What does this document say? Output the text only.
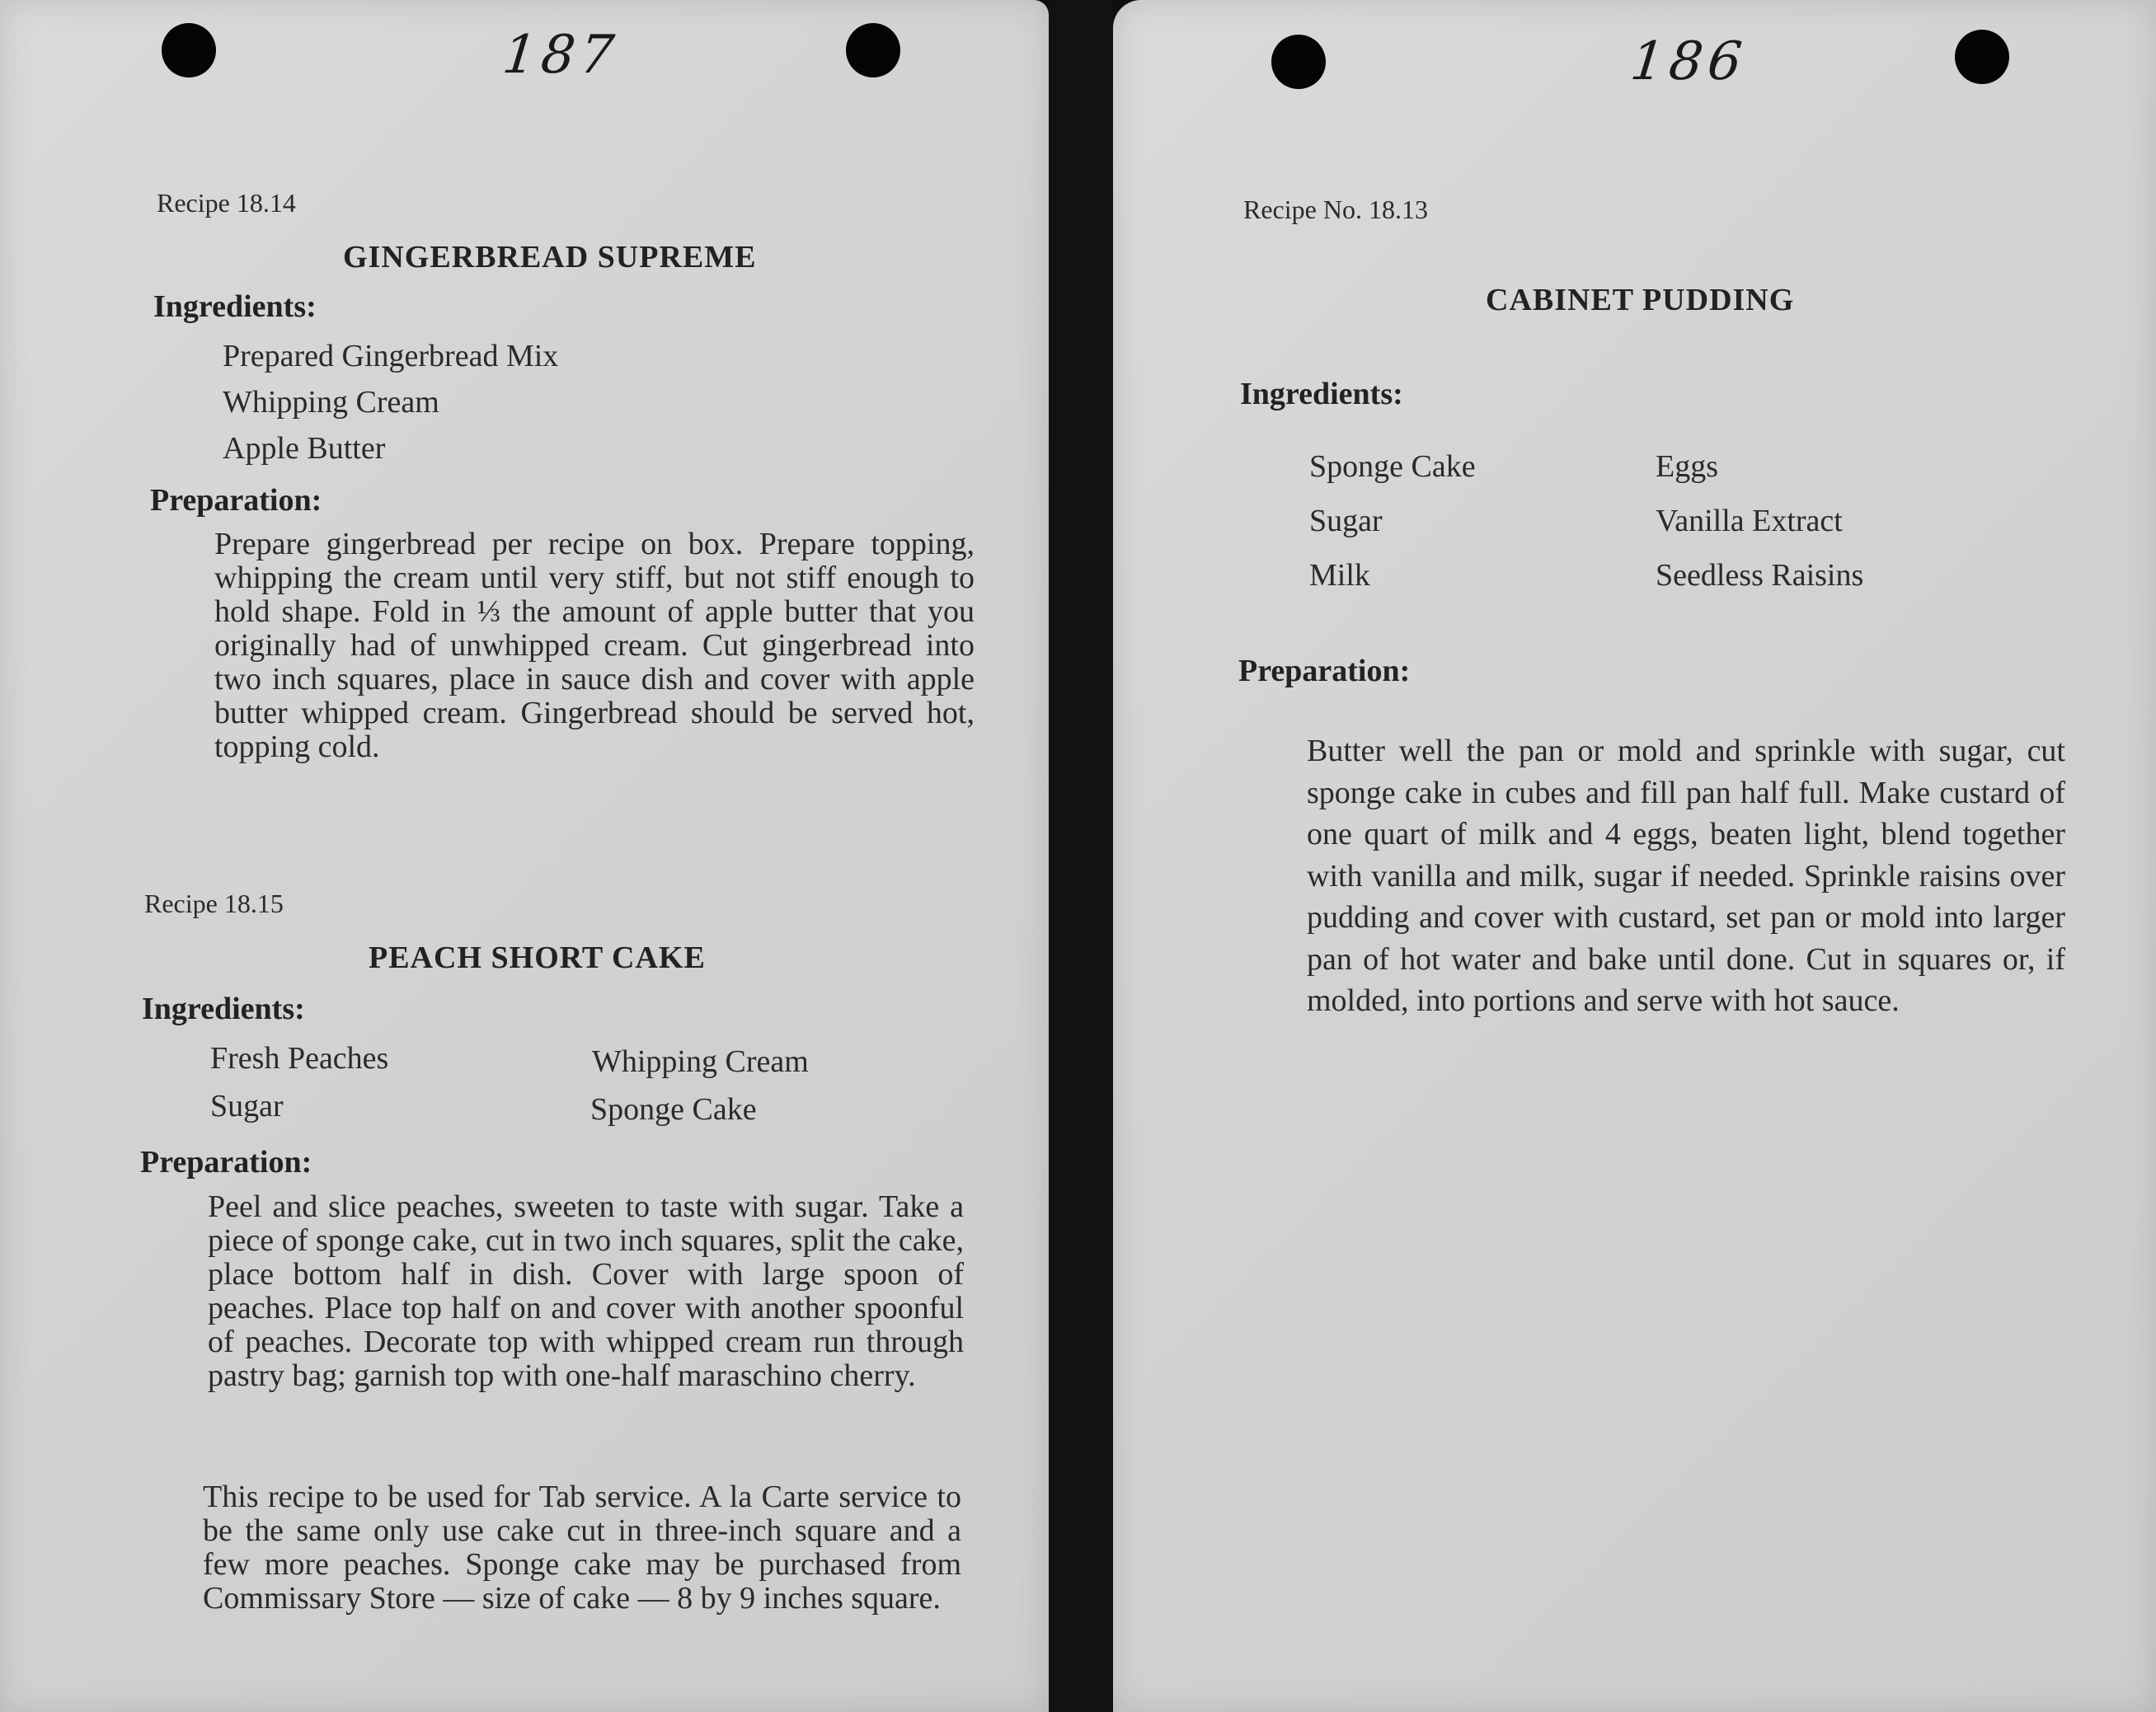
187
Recipe 18.14
GINGERBREAD SUPREME
Ingredients:
Prepared Gingerbread Mix
Whipping Cream
Apple Butter
Preparation:
Prepare gingerbread per recipe on box. Prepare topping, whipping the cream until very stiff, but not stiff enough to hold shape. Fold in ⅓ the amount of apple butter that you originally had of unwhipped cream. Cut gingerbread into two inch squares, place in sauce dish and cover with apple butter whipped cream. Gingerbread should be served hot, topping cold.
Recipe 18.15
PEACH SHORT CAKE
Ingredients:
Fresh Peaches	Whipping Cream
Sugar	Sponge Cake
Preparation:
Peel and slice peaches, sweeten to taste with sugar. Take a piece of sponge cake, cut in two inch squares, split the cake, place bottom half in dish. Cover with large spoon of peaches. Place top half on and cover with another spoonful of peaches. Decorate top with whipped cream run through pastry bag; garnish top with one-half maraschino cherry.
This recipe to be used for Tab service. A la Carte service to be the same only use cake cut in three-inch square and a few more peaches. Sponge cake may be purchased from Commissary Store — size of cake — 8 by 9 inches square.
186
Recipe No. 18.13
CABINET PUDDING
Ingredients:
Sponge Cake	Eggs
Sugar	Vanilla Extract
Milk	Seedless Raisins
Preparation:
Butter well the pan or mold and sprinkle with sugar, cut sponge cake in cubes and fill pan half full. Make custard of one quart of milk and 4 eggs, beaten light, blend together with vanilla and milk, sugar if needed. Sprinkle raisins over pudding and cover with custard, set pan or mold into larger pan of hot water and bake until done. Cut in squares or, if molded, into portions and serve with hot sauce.
